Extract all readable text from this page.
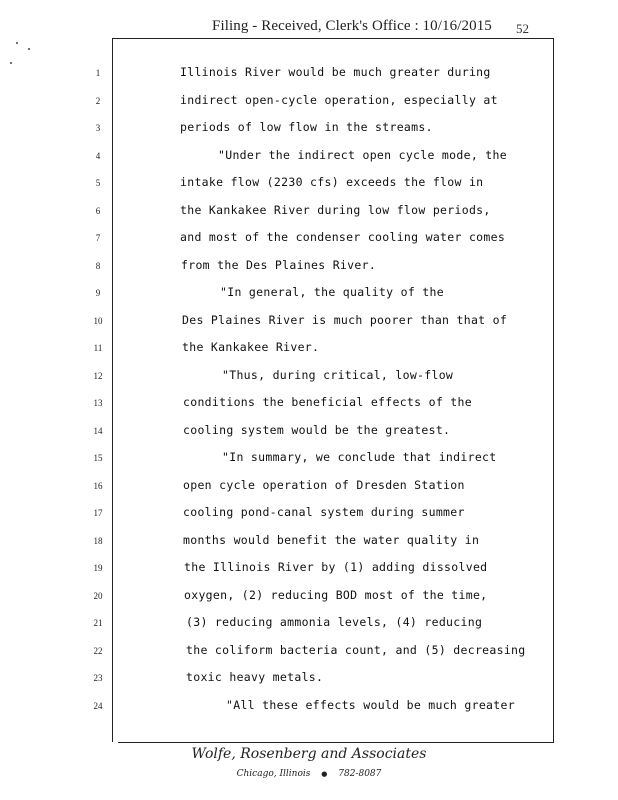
Filing - Received, Clerk's Office : 10/16/2015 52
1
2
3
4
5
6
7
8
9
10
11
12
13
14
15
16
17
18
19
20
21
22
23
24
Illinois River would be much greater during
indirect open-cycle operation, especially at
periods of low flow in the streams.
"Under the indirect open cycle mode, the
intake flow (2230 cfs) exceeds the flow in
the Kankakee River during low flow periods,
and most of the condenser cooling water comes
from the Des Plaines River.
"In general, the quality of the
Des Plaines River is much poorer than that of
the Kankakee River.
"Thus, during critical, low-flow
conditions the beneficial effects of the
cooling system would be the greatest.
"In summary, we conclude that indirect
open cycle operation of Dresden Station
cooling pond-canal system during summer
months would benefit the water quality in
the Illinois River by (1) adding dissolved
oxygen, (2) reducing BOD most of the time,
(3) reducing ammonia levels, (4) reducing
the coliform bacteria count, and (5) decreasing
toxic heavy metals.
"All these effects would be much greater
Wolfe, Rosenberg and Associates
Chicago, Illinois ● 782-8087
